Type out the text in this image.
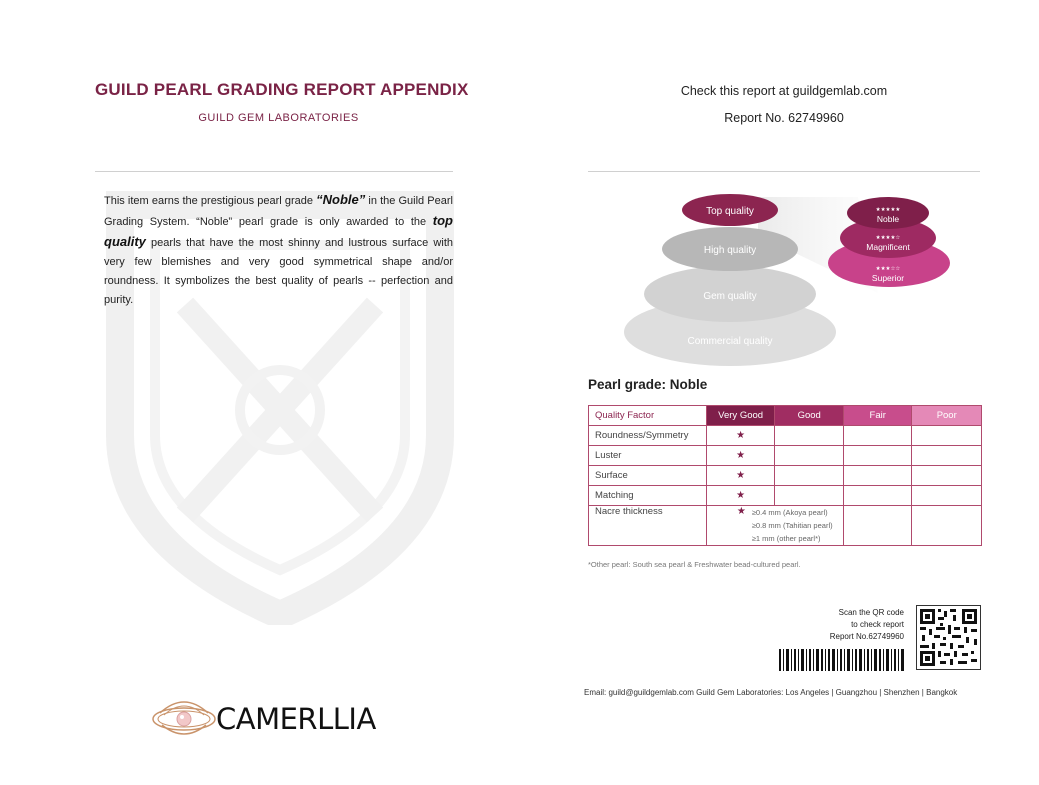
GUILD PEARL GRADING REPORT APPENDIX
GUILD GEM LABORATORIES
This item earns the prestigious pearl grade “Noble” in the Guild Pearl Grading System. “Noble” pearl grade is only awarded to the top quality pearls that have the most shinny and lustrous surface with very few blemishes and very good symmetrical shape and/or roundness. It symbolizes the best quality of pearls -- perfection and purity.
CAMERLLIA
Check this report at guildgemlab.com
Report No. 62749960
Top quality
High quality
Gem quality
Commercial quality
★★★★★
Noble
★★★★☆
Magnificent
★★★☆☆
Superior
Pearl grade: Noble
Quality Factor	Very Good	Good	Fair	Poor
Roundness/Symmetry	★			
Luster	★			
Surface	★			
Matching	★			
Nacre thickness	★ ≥0.4 mm (Akoya pearl)
≥0.8 mm (Tahitian pearl)
≥1 mm (other pearl*)			

*Other pearl: South sea pearl & Freshwater bead-cultured pearl.
Scan the QR code
to check report
Report No.62749960
Email: guild@guildgemlab.com Guild Gem Laboratories: Los Angeles | Guangzhou | Shenzhen | Bangkok
